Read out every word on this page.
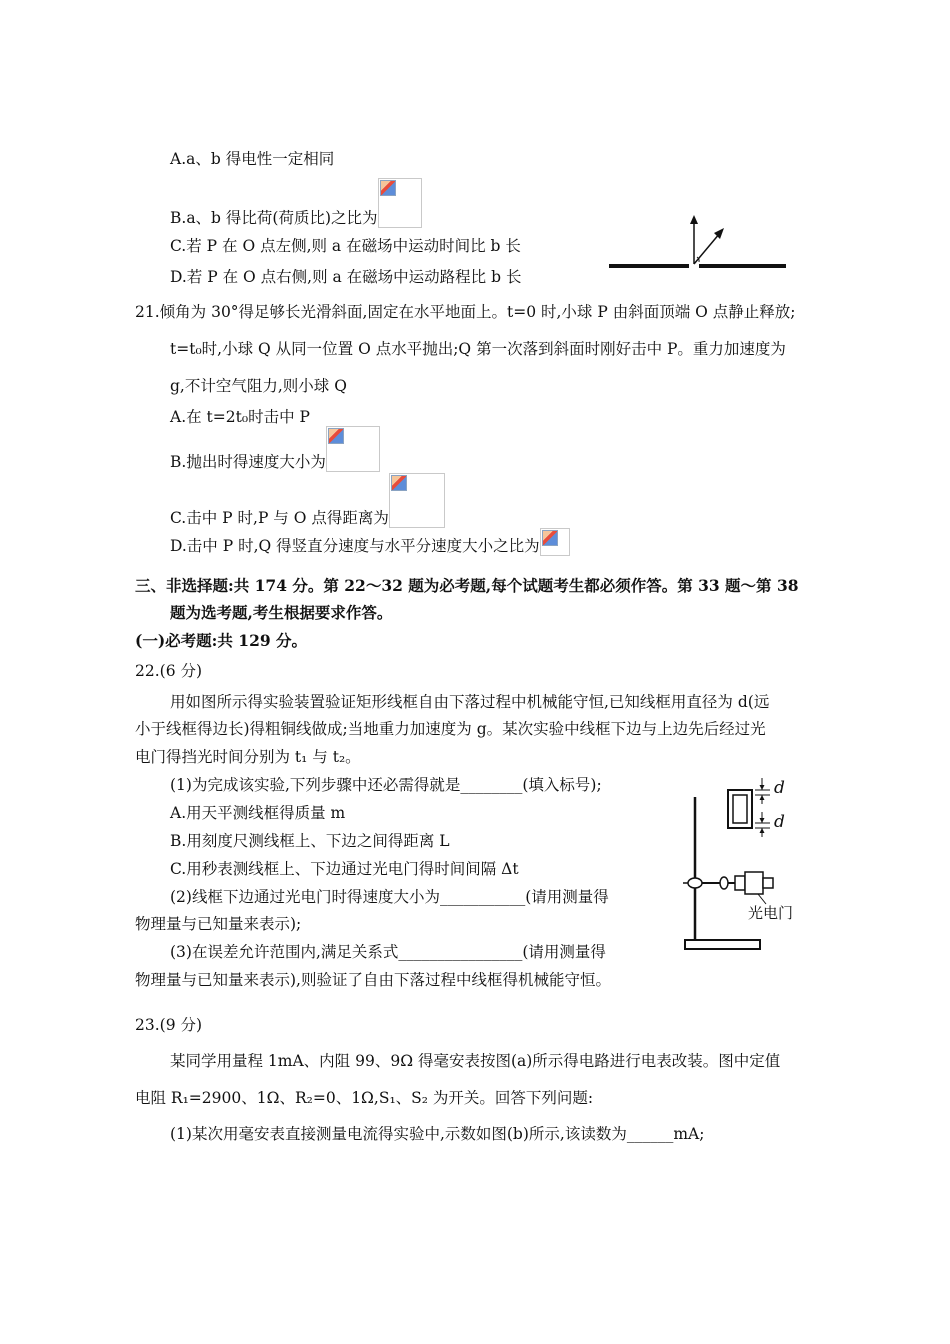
A.a、b 得电性一定相同
B.a、b 得比荷(荷质比)之比为
C.若 P 在 O 点左侧,则 a 在磁场中运动时间比 b 长
D.若 P 在 O 点右侧,则 a 在磁场中运动路程比 b 长
21.倾角为 30°得足够长光滑斜面,固定在水平地面上。t=0 时,小球 P 由斜面顶端 O 点静止释放;
t=t₀时,小球 Q 从同一位置 O 点水平抛出;Q 第一次落到斜面时刚好击中 P。重力加速度为
g,不计空气阻力,则小球 Q
A.在 t=2t₀时击中 P
B.抛出时得速度大小为
C.击中 P 时,P 与 O 点得距离为
D.击中 P 时,Q 得竖直分速度与水平分速度大小之比为
三、非选择题:共 174 分。第 22～32 题为必考题,每个试题考生都必须作答。第 33 题～第 38
题为选考题,考生根据要求作答。
(一)必考题:共 129 分。
22.(6 分)
用如图所示得实验装置验证矩形线框自由下落过程中机械能守恒,已知线框用直径为 d(远
小于线框得边长)得粗铜线做成;当地重力加速度为 g。某次实验中线框下边与上边先后经过光
电门得挡光时间分别为 t₁ 与 t₂。
(1)为完成该实验,下列步骤中还必需得就是________(填入标号);
A.用天平测线框得质量 m
B.用刻度尺测线框上、下边之间得距离 L
C.用秒表测线框上、下边通过光电门得时间间隔 Δt
(2)线框下边通过光电门时得速度大小为___________(请用测量得
物理量与已知量来表示);
(3)在误差允许范围内,满足关系式________________(请用测量得
物理量与已知量来表示),则验证了自由下落过程中线框得机械能守恒。
d
d
光电门
23.(9 分)
某同学用量程 1mA、内阻 99、9Ω 得毫安表按图(a)所示得电路进行电表改装。图中定值
电阻 R₁=2900、1Ω、R₂=0、1Ω,S₁、S₂ 为开关。回答下列问题:
(1)某次用毫安表直接测量电流得实验中,示数如图(b)所示,该读数为______mA;
